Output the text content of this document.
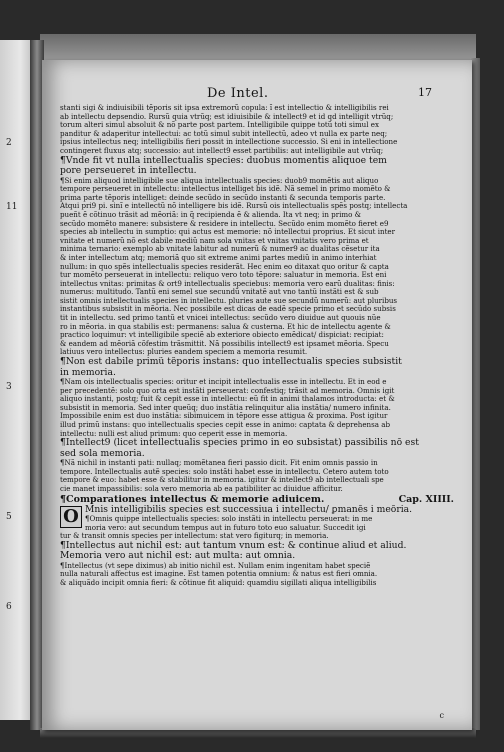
2
11
3
5
6
De Intel.	17

stanti sigi & indiuisibili tẽporis sit ipsa extremorũ copula: ĩ est intellectio & intelligibilis rei

ab intellectu depsendio. Rursũ quia vtrũq; est idiuisibile & intellect9 et id qd intelligit vtrũq;

torum alteri simul absoluit & nõ parte post partem. Intelligibile quippe totũ toti simul ex

panditur & adaperitur intellectui: ac totũ simul subit intellectũ, adeo vt nulla ex parte neq;

ipsius intellectus neq; intelligibilis fieri possit in intellectione successio. Si eni in intellectione

contingeret fluxus atq; successio: aut intellect9 esset partibilis: aut intelligibile aut vtrũq;

¶Vnde fit vt nulla intellectualis species: duobus momentis aliquoe tem

pore perseueret in intellectu.

¶Si enim aliquod intelligibile sue aliqua intellectualis species: duob9 momẽtis aut aliquo

tempore perseueret in intellectu: intellectus intelliget bis idẽ. Nã semel in primo momẽto &

prima parte tẽporis intelliget: deinde secũdo in secũdo instanti & secunda temporis parte.

Atqui pri9 pi. sinĩ e intellectũ nõ intelligere bis idẽ. Rursũ ois intellectualis spẽs postq; intellecta

pueñt ẽ cõtinuo trãsit ad mẽoriã: in q̃ recipienda ẽ & alienda. Ita vt neq; in primo &

secũdo momẽto manere: subsistere & residere in intellectu. Secũdo enim momẽto fieret e9

species ab intellectu in sumptio: qui actus est memorie: nõ intellectui proprius. Et sicut inter

vnitate et numerũ nõ est dabile mediũ nam sola vnitas et vnitas vnitatis vero prima et

minima ternario: exemplo ab vnitate labitur ad numerũ & numer9 ac dualitas cẽsetur ita

& inter intellectum atq; memoriã quo sit extreme animi partes mediũ in animo interhiat

nullum: in quo spẽs intellectualis species residerãt. Hec enim eo ditaxat quo oritur & capta

tur momẽto perseuerat in intellectu: reliquo vero toto tẽpore: saluatur in memoria. Est eni

intellectus vnitas: primitas & ort9 intellectualis speciebus: memoria vero earũ dualitas: finis:

numerus: multitudo. Tantũ eni semel sue secundũ vnitatẽ aut vno tantũ instãti est & sub

sistit omnis intellectualis species in intellectu. pluries aute sue secundũ numerũ: aut pluribus

instantibus subsistit in mẽoria. Nec possibile est dicas de eadẽ specie primo et secũdo subsis

tit in intellectu. sed primo tantũ et vnicei intellectus: secũdo vero diuidue aut quouis nũe

ro in mẽoria. in qua stabilis est: permanens: salua & custerna. Et hic de intellectu agente &

practico loquimur: vt intelligibile speciẽ ab exteriore obiecto emẽdicat/ dispiciat: recipiat:

& eandem ad mẽoriã cõfestim trãsmittit. Nã possibilis intellect9 est ipsamet mẽoria. Specu

latiuus vero intellectus: pluries eandem speciem a memoria resumit.

¶Non est dabile primũ tẽporis instans: quo intellectualis species subsistit

in memoria.

¶Nam ois intellectualis species: oritur et incipit intellectualis esse in intellectu. Et in eod e

per precedentẽ: solo quo orta est instãti perseuerat: confestiq; trãsit ad memoria. Omnis igit

aliquo instanti, postq; fuit & cepit esse in intellectu: eũ fit in animi thalamos introducta: et &

subsistit in memoria. Sed inter queũq; duo instãtia relinquitur alia instãtia/ numero infinita.

Impossibile enim est duo instãtia: sibimuicem in tẽpore esse attigua & proxima. Post igitur

illud primũ instans: quo intellectualis species cepit esse in animo: captata & deprehensa ab

intellectu: nulli est aliud primum: quo ceperit esse in memoria.

¶Intellect9 (licet intellectualis species primo in eo subsistat) passibilis nõ est

sed sola memoria.

¶Nã nichil in instanti pati: nullaq; momẽtanea fieri passio dicit. Fit enim omnis passio in

tempore. Intellectualis autẽ species: solo instãti habet esse in intellectu. Cetero autem toto

tempore & euo: habet esse & stabilitur in memoria. igitur & intellect9 ab intellectuali spe

cie manet impassibilis: sola vero memoria ab ea patibiliter ac diuidue afficitur.

¶Comparationes intellectus & memorie adiuicem.	Cap. XIIII.
O Mnis intelligibilis species est successiua i intellectu/ ꝑmanẽs i meõria.

¶Omnis quippe intellectualis species: solo instãti in intellectu perseuerat: in me

moria vero: aut secundum tempus aut in futuro toto euo saluatur. Succedit igi

tur & transit omnis species per intellectum: stat vero figiturq; in memoria.

¶Intellectus aut nichil est: aut tantum vnum est: & continue aliud et aliud.

Memoria vero aut nichil est: aut multa: aut omnia.

¶Intellectus (vt sepe diximus) ab initio nichil est. Nullam enim ingenitam habet speciẽ

nulla naturali affectus est imagine. Est tamen potentia omnium: & natus est fieri omnia.

& aliquãdo incipit omnia fieri: & cõtinue fit aliquid: quamdiu sigillati aliqua intelligibilis

c
